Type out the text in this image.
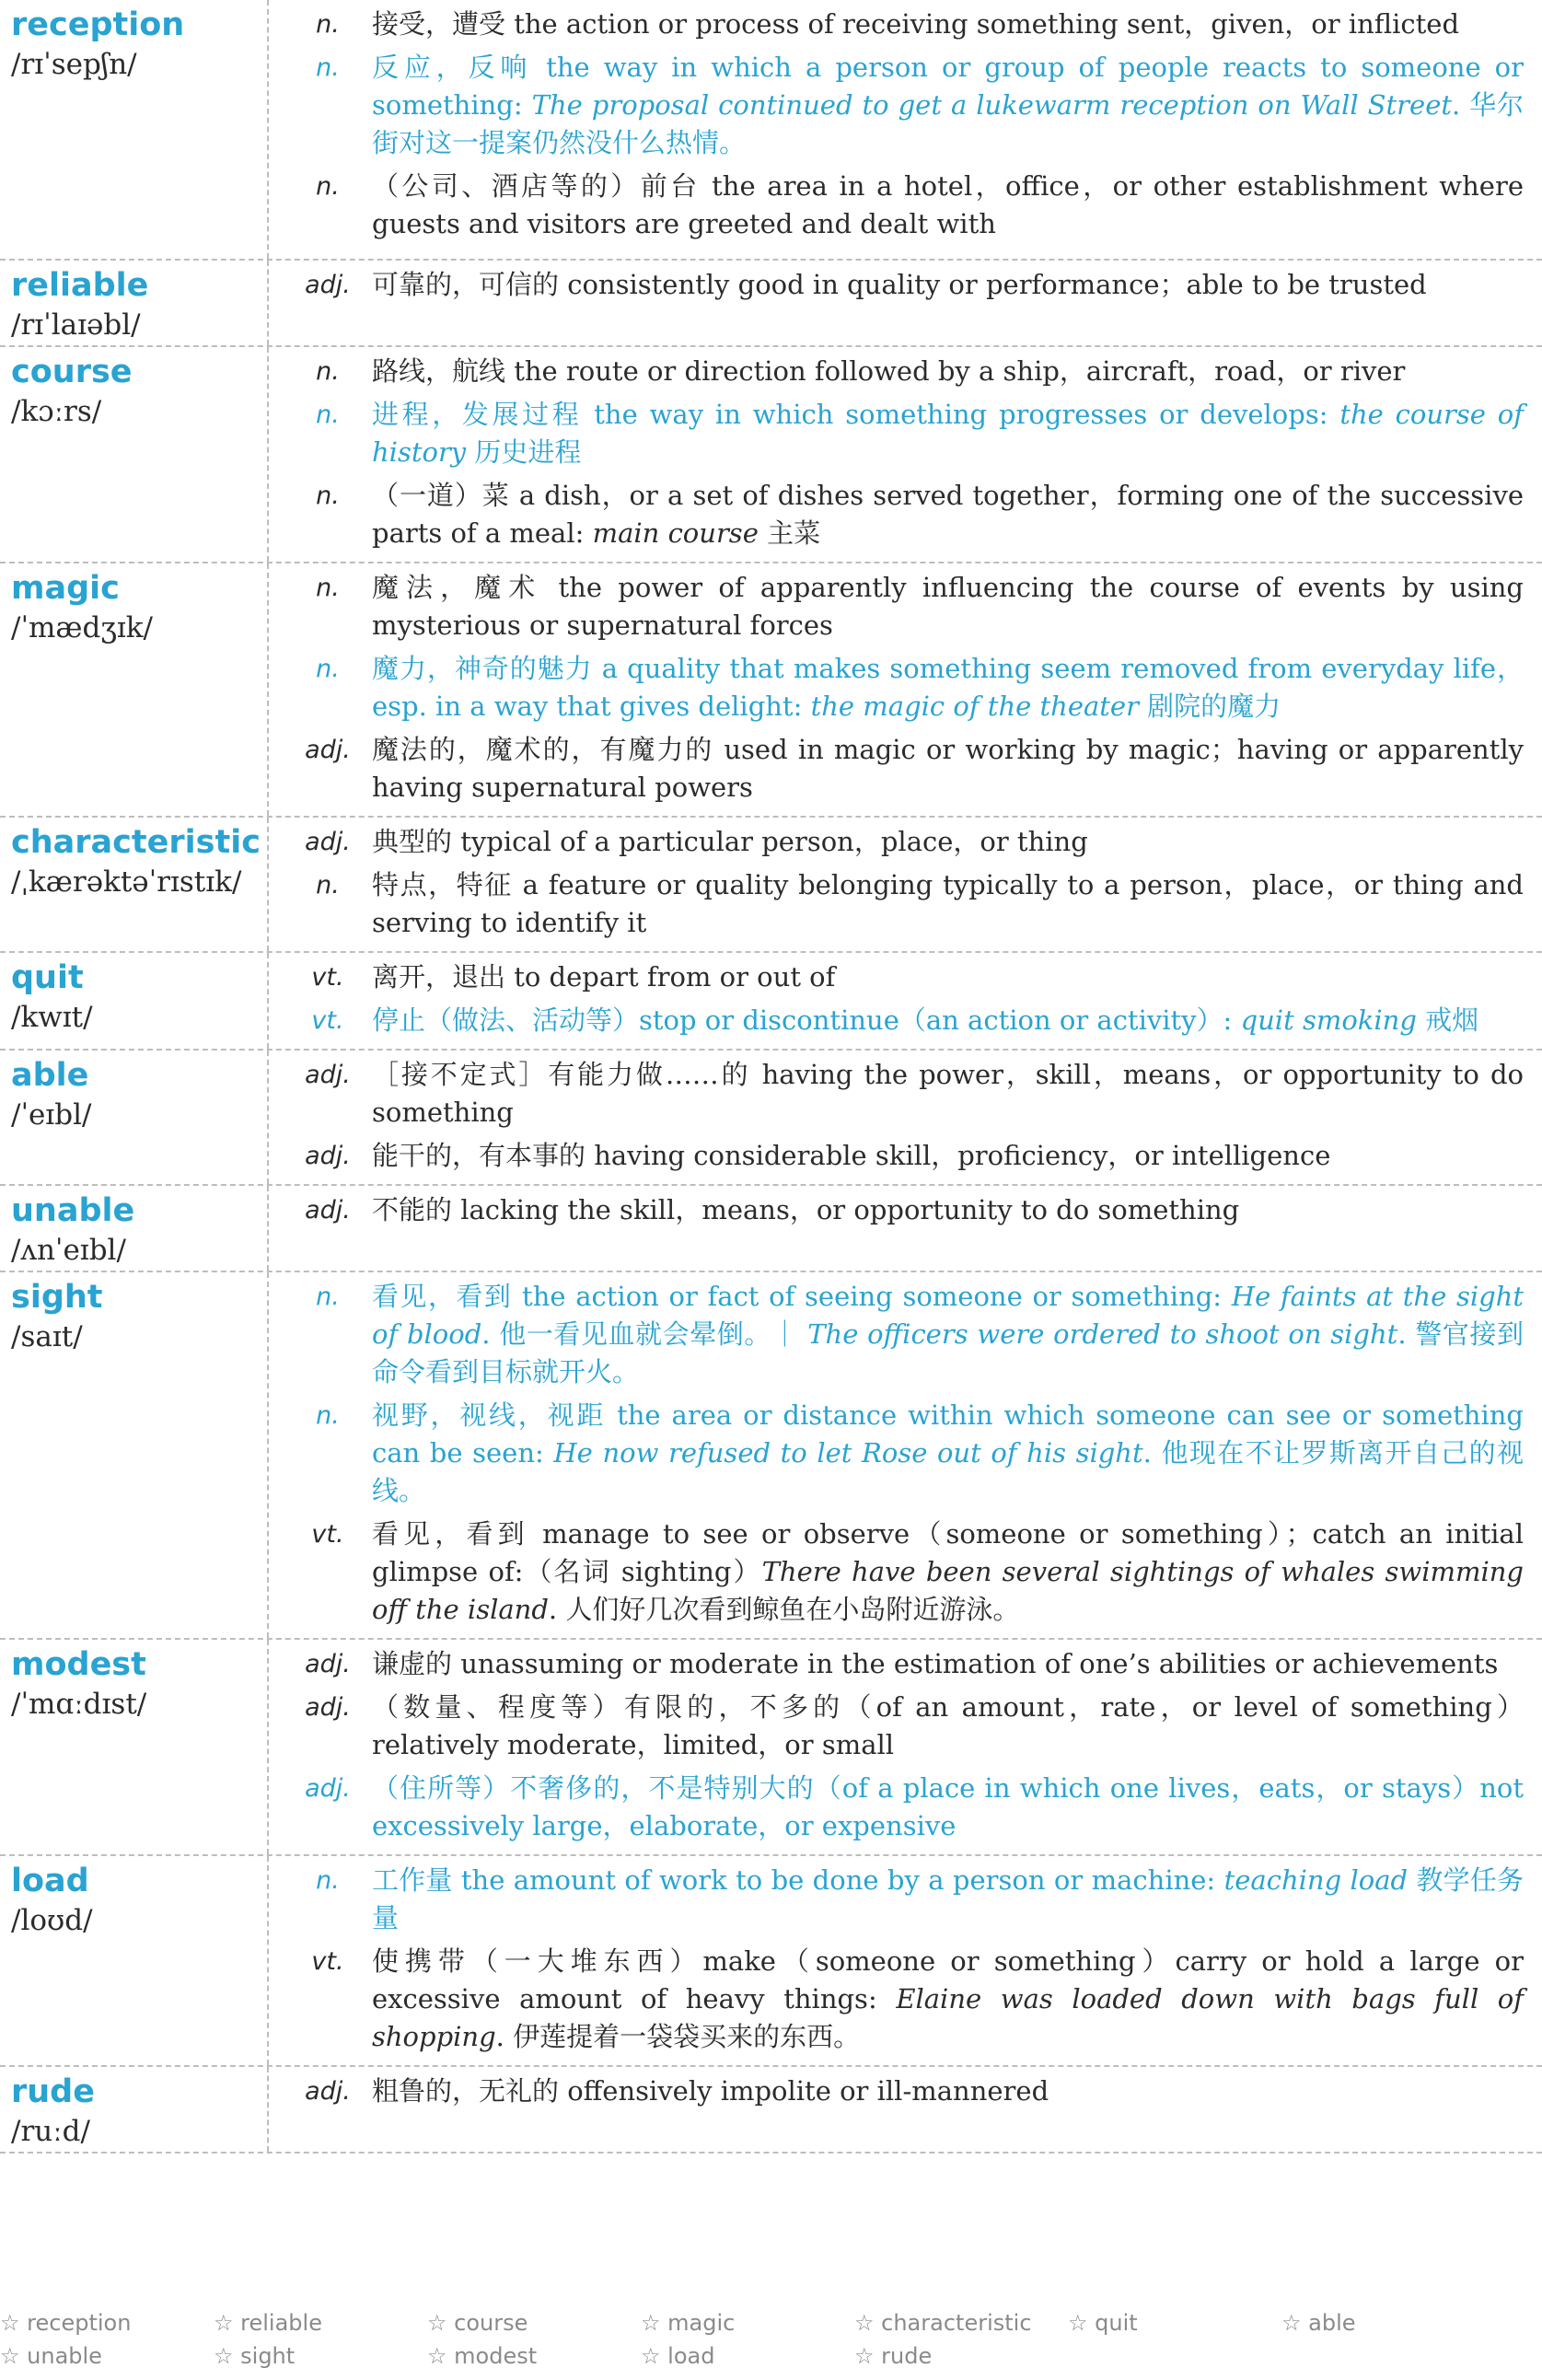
reception
/rɪˈsepʃn/
n.	接受，遭受 the action or process of receiving something sent，given，or inflicted
n.	反应，反响 the way in which a person or group of people reacts to someone or something: The proposal continued to get a lukewarm reception on Wall Street. 华尔街对这一提案仍然没什么热情。
n.	（公司、酒店等的）前台 the area in a hotel，office，or other establishment where guests and visitors are greeted and dealt with
reliable
/rɪˈlaɪəbl/
adj. 可靠的，可信的 consistently good in quality or performance；able to be trusted
course
/kɔːrs/
n.	路线，航线 the route or direction followed by a ship，aircraft，road，or river
n.	进程，发展过程 the way in which something progresses or develops: the course of history 历史进程
n.	（一道）菜 a dish，or a set of dishes served together，forming one of the successive parts of a meal: main course 主菜
magic
/ˈmædʒɪk/
n.	魔法，魔术 the power of apparently influencing the course of events by using mysterious or supernatural forces
n.	魔力，神奇的魅力 a quality that makes something seem removed from everyday life，esp. in a way that gives delight: the magic of the theater 剧院的魔力
adj. 魔法的，魔术的，有魔力的 used in magic or working by magic；having or apparently having supernatural powers
characteristic
/ˌkærəktəˈrɪstɪk/
adj. 典型的 typical of a particular person，place，or thing
n.	特点，特征 a feature or quality belonging typically to a person，place，or thing and serving to identify it
quit
/kwɪt/
vt.	离开，退出 to depart from or out of
vt.	停止（做法、活动等）stop or discontinue（an action or activity）: quit smoking 戒烟
able
/ˈeɪbl/
adj. ［接不定式］有能力做……的 having the power，skill，means，or opportunity to do something
adj. 能干的，有本事的 having considerable skill，proficiency，or intelligence
unable
/ʌnˈeɪbl/
adj. 不能的 lacking the skill，means，or opportunity to do something
sight
/saɪt/
n.	看见，看到 the action or fact of seeing someone or something: He faints at the sight of blood. 他一看见血就会晕倒。｜ The officers were ordered to shoot on sight. 警官接到命令看到目标就开火。
n.	视野，视线，视距 the area or distance within which someone can see or something can be seen: He now refused to let Rose out of his sight. 他现在不让罗斯离开自己的视线。
vt.	看见，看到 manage to see or observe（someone or something）；catch an initial glimpse of:（名词 sighting）There have been several sightings of whales swimming off the island. 人们好几次看到鲸鱼在小岛附近游泳。
modest
/ˈmɑːdɪst/
adj. 谦虚的 unassuming or moderate in the estimation of one’s abilities or achievements
adj. （数量、程度等）有限的，不多的（of an amount，rate，or level of something）relatively moderate，limited，or small
adj. （住所等）不奢侈的，不是特别大的（of a place in which one lives，eats，or stays）not excessively large，elaborate，or expensive
load
/loʊd/
n.	工作量 the amount of work to be done by a person or machine: teaching load 教学任务量
vt.	使携带（一大堆东西）make（someone or something）carry or hold a large or excessive amount of heavy things: Elaine was loaded down with bags full of shopping. 伊莲提着一袋袋买来的东西。
rude
/ruːd/
adj. 粗鲁的，无礼的 offensively impolite or ill-mannered
☆ reception	☆ reliable	☆ course	☆ magic	☆ characteristic	☆ quit	☆ able
☆ unable	☆ sight	☆ modest	☆ load	☆ rude
